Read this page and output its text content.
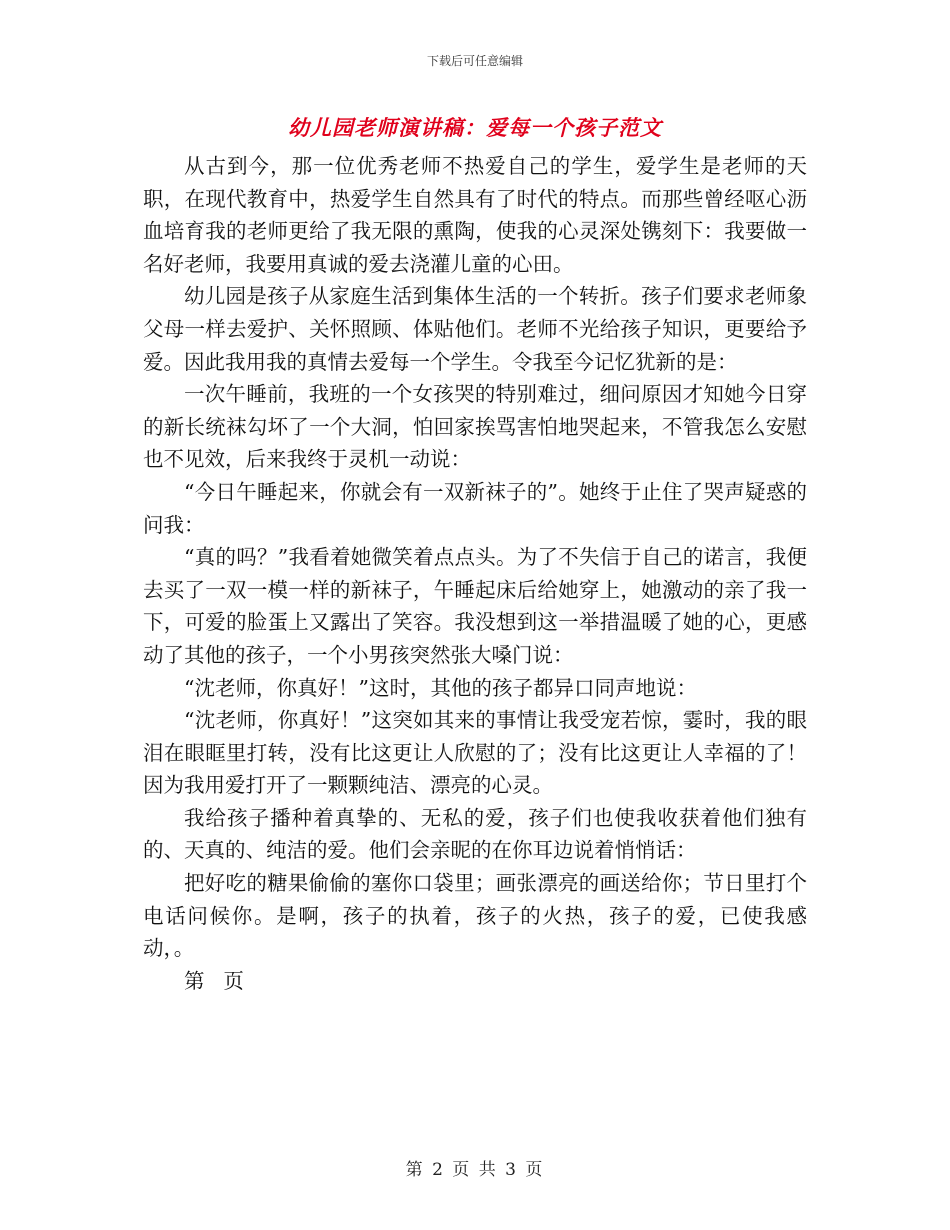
下载后可任意编辑
幼儿园老师演讲稿：爱每一个孩子范文

从古到今，那一位优秀老师不热爱自己的学生，爱学生是老师的天职，在现代教育中，热爱学生自然具有了时代的特点。而那些曾经呕心沥血培育我的老师更给了我无限的熏陶，使我的心灵深处镌刻下：我要做一名好老师，我要用真诚的爱去浇灌儿童的心田。

幼儿园是孩子从家庭生活到集体生活的一个转折。孩子们要求老师象父母一样去爱护、关怀照顾、体贴他们。老师不光给孩子知识，更要给予爱。因此我用我的真情去爱每一个学生。令我至今记忆犹新的是：

一次午睡前，我班的一个女孩哭的特别难过，细问原因才知她今日穿的新长统袜勾坏了一个大洞，怕回家挨骂害怕地哭起来，不管我怎么安慰也不见效，后来我终于灵机一动说：

“今日午睡起来，你就会有一双新袜子的”。她终于止住了哭声疑惑的问我：

“真的吗？”我看着她微笑着点点头。为了不失信于自己的诺言，我便去买了一双一模一样的新袜子，午睡起床后给她穿上，她激动的亲了我一下，可爱的脸蛋上又露出了笑容。我没想到这一举措温暖了她的心，更感动了其他的孩子，一个小男孩突然张大嗓门说：

“沈老师，你真好！”这时，其他的孩子都异口同声地说：

“沈老师，你真好！”这突如其来的事情让我受宠若惊，霎时，我的眼泪在眼眶里打转，没有比这更让人欣慰的了；没有比这更让人幸福的了！因为我用爱打开了一颗颗纯洁、漂亮的心灵。

我给孩子播种着真挚的、无私的爱，孩子们也使我收获着他们独有的、天真的、纯洁的爱。他们会亲昵的在你耳边说着悄悄话：

把好吃的糖果偷偷的塞你口袋里；画张漂亮的画送给你；节日里打个电话问候你。是啊，孩子的执着，孩子的火热，孩子的爱，已使我感动，。

第 页

第 2 页 共 3 页
